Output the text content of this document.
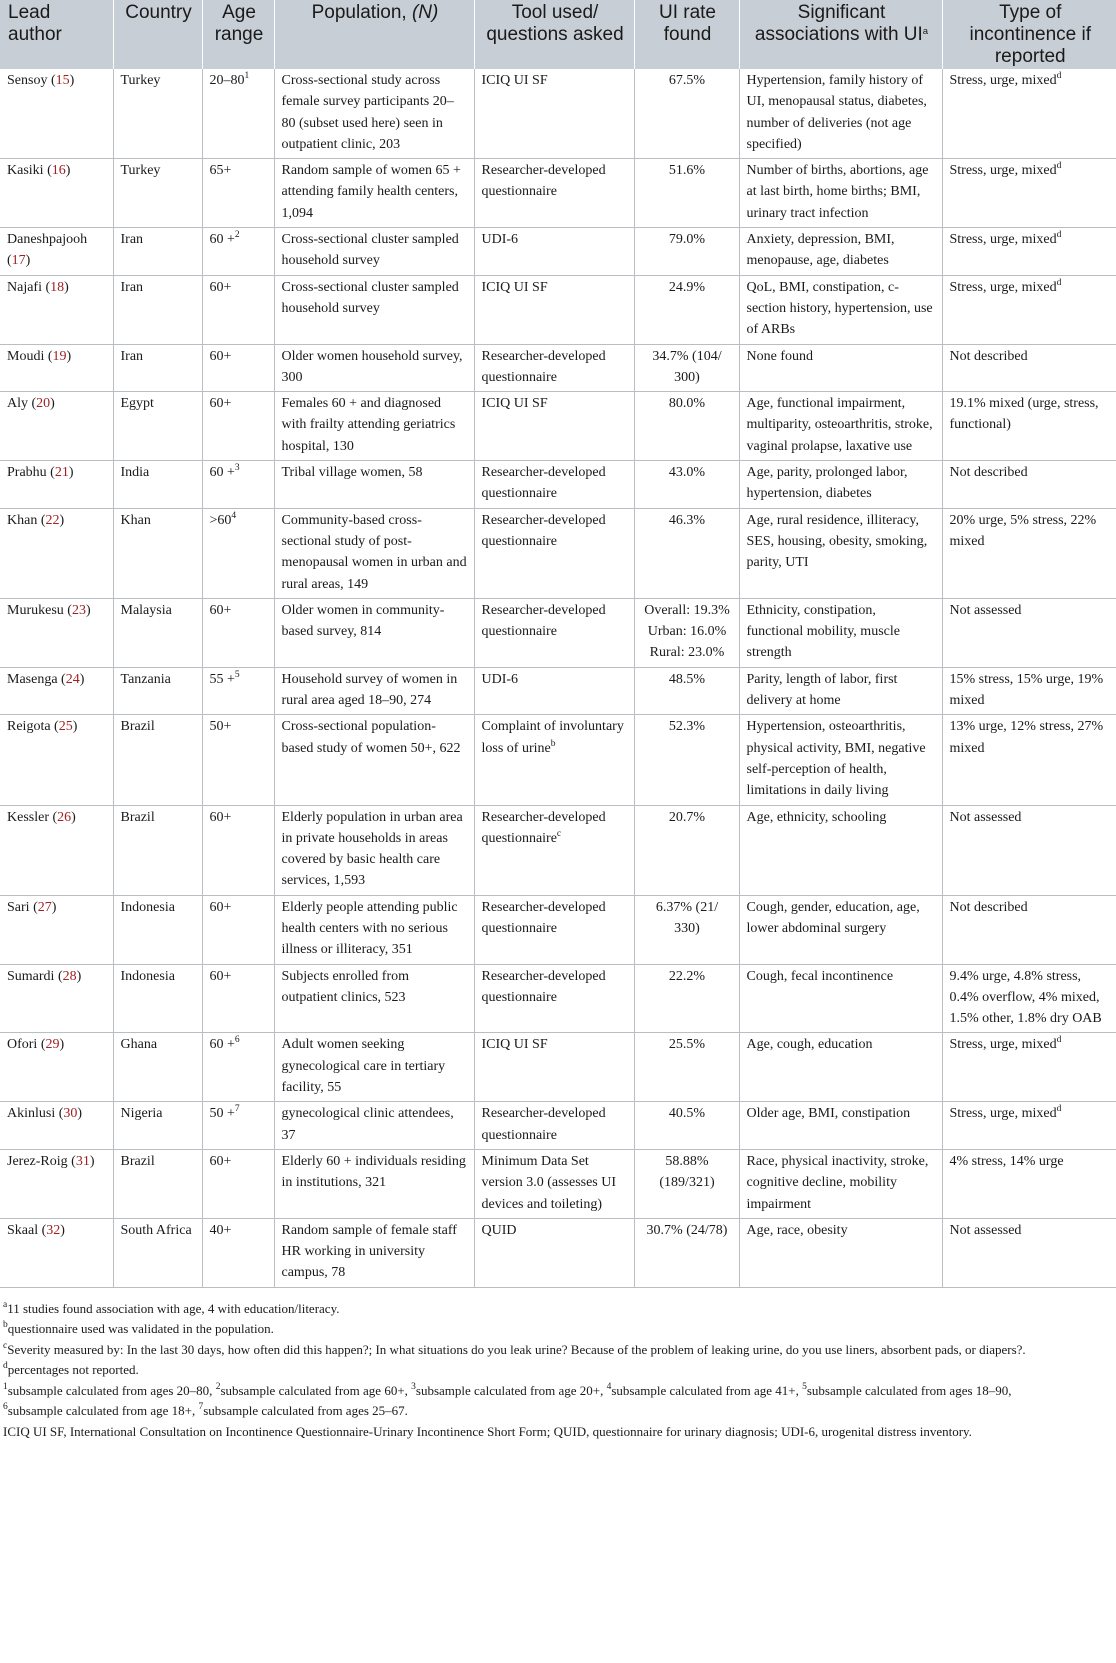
Lead author	Country	Age range	Population, (N)	Tool used/ questions asked	UI rate found	Significant associations with $UI^a$	Type of incontinence if reported
Sensoy (15)	Turkey	$20-80^1$	Cross-sectional study across female survey participants 20–80 (subset used here) seen in outpatient clinic, 203	ICIQ UI SF	67.5%	Hypertension, family history of UI, menopausal status, diabetes, number of deliveries (not age specified)	Stress, urge, mixed$^d$
Kasiki (16)	Turkey	65+	Random sample of women 65 + attending family health centers, 1,094	Researcher-developed questionnaire	51.6%	Number of births, abortions, age at last birth, home births; BMI, urinary tract infection	Stress, urge, mixed$^d$
Daneshpajooh (17)	Iran	60 +$^2$	Cross-sectional cluster sampled household survey	UDI-6	79.0%	Anxiety, depression, BMI, menopause, age, diabetes	Stress, urge, mixed$^d$
Najafi (18)	Iran	60+	Cross-sectional cluster sampled household survey	ICIQ UI SF	24.9%	QoL, BMI, constipation, c-section history, hypertension, use of ARBs	Stress, urge, mixed$^d$
Moudi (19)	Iran	60+	Older women household survey, 300	Researcher-developed questionnaire	34.7% (104/ 300)	None found	Not described
Aly (20)	Egypt	60+	Females 60 + and diagnosed with frailty attending geriatrics hospital, 130	ICIQ UI SF	80.0%	Age, functional impairment, multiparity, osteoarthritis, stroke, vaginal prolapse, laxative use	19.1% mixed (urge, stress, functional)
Prabhu (21)	India	60 +$^3$	Tribal village women, 58	Researcher-developed questionnaire	43.0%	Age, parity, prolonged labor, hypertension, diabetes	Not described
Khan (22)	Khan	$>60^4$	Community-based cross-sectional study of post-menopausal women in urban and rural areas, 149	Researcher-developed questionnaire	46.3%	Age, rural residence, illiteracy, SES, housing, obesity, smoking, parity, UTI	20% urge, 5% stress, 22% mixed
Murukesu (23)	Malaysia	60+	Older women in community-based survey, 814	Researcher-developed questionnaire	Overall: 19.3% Urban: 16.0% Rural: 23.0%	Ethnicity, constipation, functional mobility, muscle strength	Not assessed
Masenga (24)	Tanzania	55 +$^5$	Household survey of women in rural area aged 18–90, 274	UDI-6	48.5%	Parity, length of labor, first delivery at home	15% stress, 15% urge, 19% mixed
Reigota (25)	Brazil	50+	Cross-sectional population-based study of women 50+, 622	Complaint of involuntary loss of urine$^b$	52.3%	Hypertension, osteoarthritis, physical activity, BMI, negative self-perception of health, limitations in daily living	13% urge, 12% stress, 27% mixed
Kessler (26)	Brazil	60+	Elderly population in urban area in private households in areas covered by basic health care services, 1,593	Researcher-developed questionnaire$^c$	20.7%	Age, ethnicity, schooling	Not assessed
Sari (27)	Indonesia	60+	Elderly people attending public health centers with no serious illness or illiteracy, 351	Researcher-developed questionnaire	6.37% (21/ 330)	Cough, gender, education, age, lower abdominal surgery	Not described
Sumardi (28)	Indonesia	60+	Subjects enrolled from outpatient clinics, 523	Researcher-developed questionnaire	22.2%	Cough, fecal incontinence	9.4% urge, 4.8% stress, 0.4% overflow, 4% mixed, 1.5% other, 1.8% dry OAB
Ofori (29)	Ghana	60 +$^6$	Adult women seeking gynecological care in tertiary facility, 55	ICIQ UI SF	25.5%	Age, cough, education	Stress, urge, mixed$^d$
Akinlusi (30)	Nigeria	50 +$^7$	gynecological clinic attendees, 37	Researcher-developed questionnaire	40.5%	Older age, BMI, constipation	Stress, urge, mixed$^d$
Jerez-Roig (31)	Brazil	60+	Elderly 60 + individuals residing in institutions, 321	Minimum Data Set version 3.0 (assesses UI devices and toileting)	58.88% (189/321)	Race, physical inactivity, stroke, cognitive decline, mobility impairment	4% stress, 14% urge
Skaal (32)	South Africa	40+	Random sample of female staff HR working in university campus, 78	QUID	30.7% (24/78)	Age, race, obesity	Not assessed
$^a$11 studies found association with age, 4 with education/literacy.
$^b$questionnaire used was validated in the population.
$^c$Severity measured by: In the last 30 days, how often did this happen?; In what situations do you leak urine? Because of the problem of leaking urine, do you use liners, absorbent pads, or diapers?.
$^d$percentages not reported.
$^1$subsample calculated from ages 20–80, $^2$subsample calculated from age 60+, $^3$subsample calculated from age 20+, $^4$subsample calculated from age 41+, $^5$subsample calculated from ages 18–90,
$^6$subsample calculated from age 18+, $^7$subsample calculated from ages 25–67.
ICIQ UI SF, International Consultation on Incontinence Questionnaire-Urinary Incontinence Short Form; QUID, questionnaire for urinary diagnosis; UDI-6, urogenital distress inventory.
